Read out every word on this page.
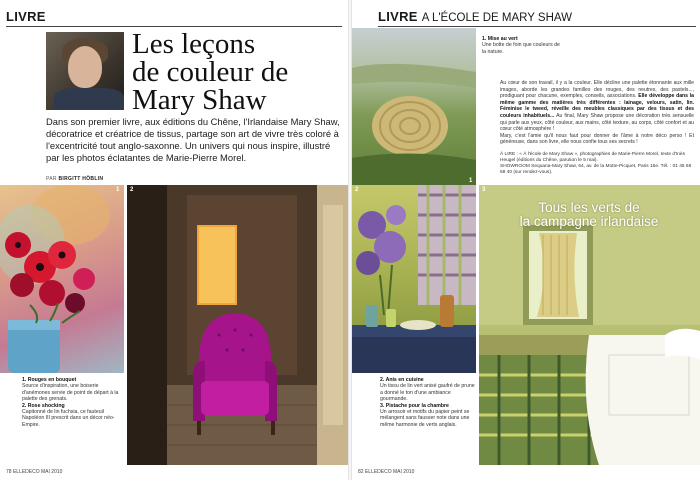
LIVRE
Les leçons
de couleur de
Mary Shaw
Dans son premier livre, aux éditions du Chêne, l'Irlandaise Mary Shaw, décoratrice et créatrice de tissus, partage son art de vivre très coloré à l'excentricité tout anglo-saxonne. Un univers qui nous inspire, illustré par les photos éclatantes de Marie-Pierre Morel.
PAR BIRGITT HÖBLIN
1
1. Rouges en bouquet
Source d'inspiration, une boiserie d'anémones servie de point de départ à la palette des grenats.
2. Rose shocking
Capitonné de lin fuchsia, ce fauteuil Napoléon III prescrit dans un décor néo-Empire.
2
78 ELLEDECO MAI 2010
LIVRE A L'ÉCOLE DE MARY SHAW
1
1. Mise au vert
Une botte de foin que couleurs de la nature.
Au cœur de son travail, il y a la couleur. Elle décline une palette étonnante aux mille images, aborde les grandes familles des rouges, des neutres, des pastels..., prodiguant pour chacune, exemples, conseils, associations. Elle développe dans la même gamme des matières très différentes : lainage, velours, satin, lin. Féminise le tweed, réveille des meubles classiques par des tissus et des couleurs inhabituels... Au final, Mary Shaw propose une décoration très sensuelle qui parle aux yeux, côté couleur, aux mains, côté texture, au corps, côté confort et au cœur côté atmosphère !
Mary, c'est l'amie qu'il nous faut pour donner de l'âme à notre déco perso ! Et généreuse, dans son livre, elle nous confie tous ses secrets !
À LIRE : « À l'école de Mary Shaw », photographies de Marie-Pierre Morel, texte d'Inès Heugel (éditions du Chêne, parution le 5 mai).
SHOWROOM Sequana-Mary Shaw, 64, av. de la Motte-Picquet, Paris 15e. Tél. : 01 45 66 58 40 (sur rendez-vous).
2
2. Anis en cuisine
Un tissu de lin vert anisé gaufré de prune a donné le ton d'une ambiance gourmande.
3. Pistache pour la chambre
Un arrosoir et motifs du papier peint se mélangent sans fausser note dans une même harmonie de verts anglais.
3
Tous les verts de
la campagne irlandaise
82 ELLEDECO MAI 2010
